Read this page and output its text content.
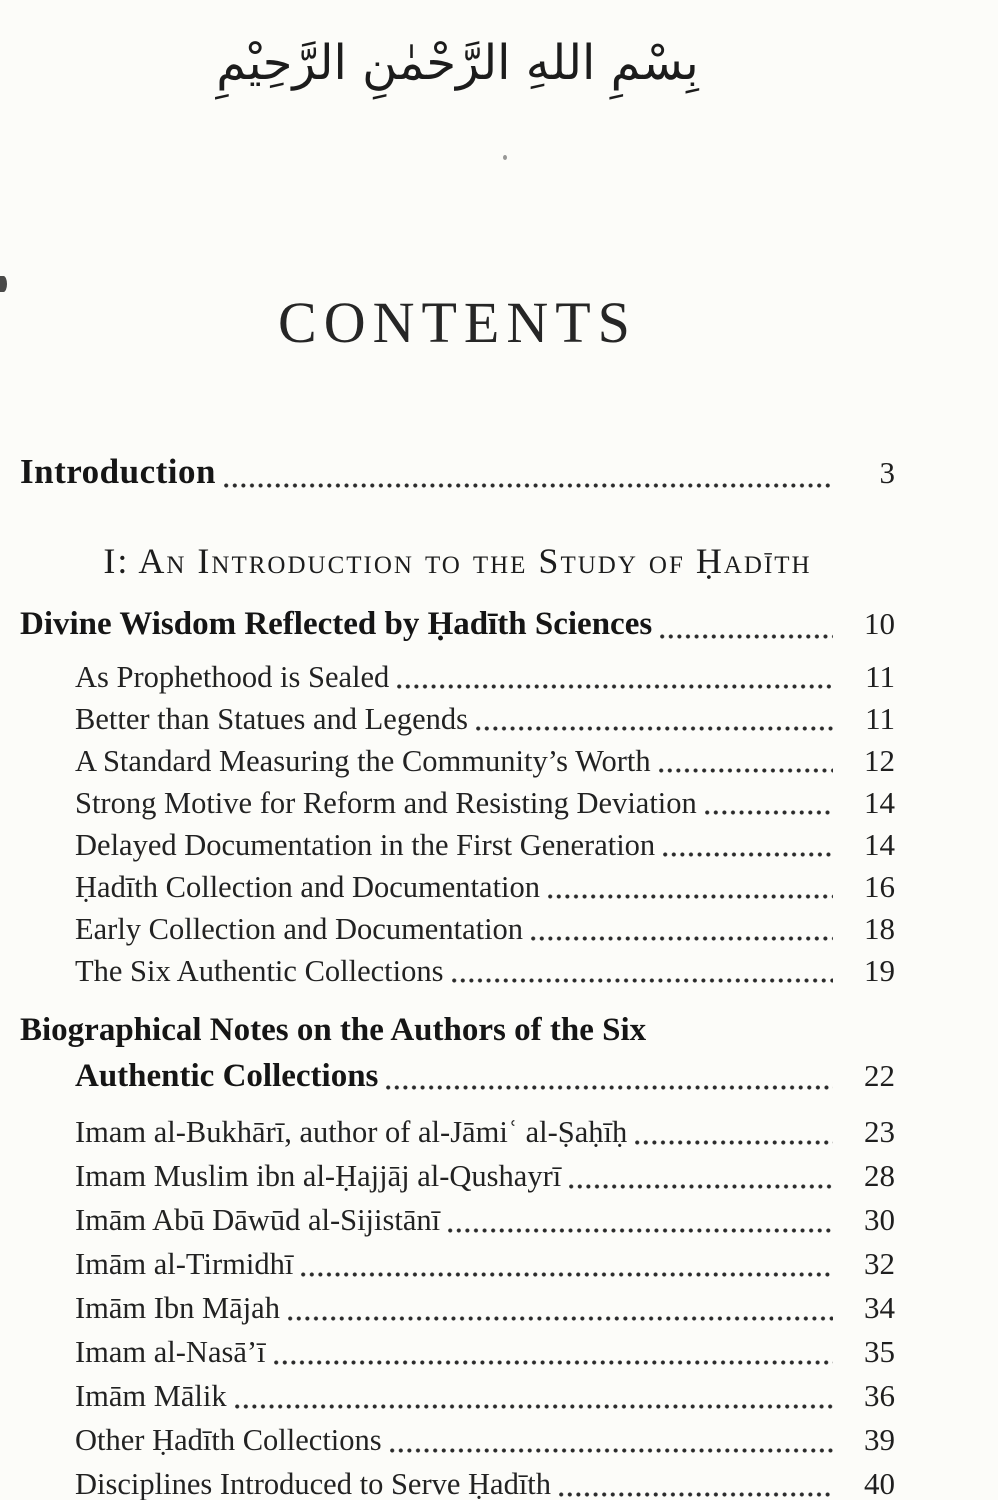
بِسْمِ اللهِ الرَّحْمٰنِ الرَّحِيْمِ
CONTENTS
Introduction	3
I: An Introduction to the Study of Ḥadīth
Divine Wisdom Reflected by Ḥadīth Sciences	10
As Prophethood is Sealed	11
Better than Statues and Legends	11
A Standard Measuring the Community’s Worth	12
Strong Motive for Reform and Resisting Deviation	14
Delayed Documentation in the First Generation	14
Ḥadīth Collection and Documentation	16
Early Collection and Documentation	18
The Six Authentic Collections	19
Biographical Notes on the Authors of the Six
Authentic Collections	22
Imam al-Bukhārī, author of al-Jāmiʿ al-Ṣaḥīḥ	23
Imam Muslim ibn al-Ḥajjāj al-Qushayrī	28
Imām Abū Dāwūd al-Sijistānī	30
Imām al-Tirmidhī	32
Imām Ibn Mājah	34
Imam al-Nasā’ī	35
Imām Mālik	36
Other Ḥadīth Collections	39
Disciplines Introduced to Serve Ḥadīth	40
